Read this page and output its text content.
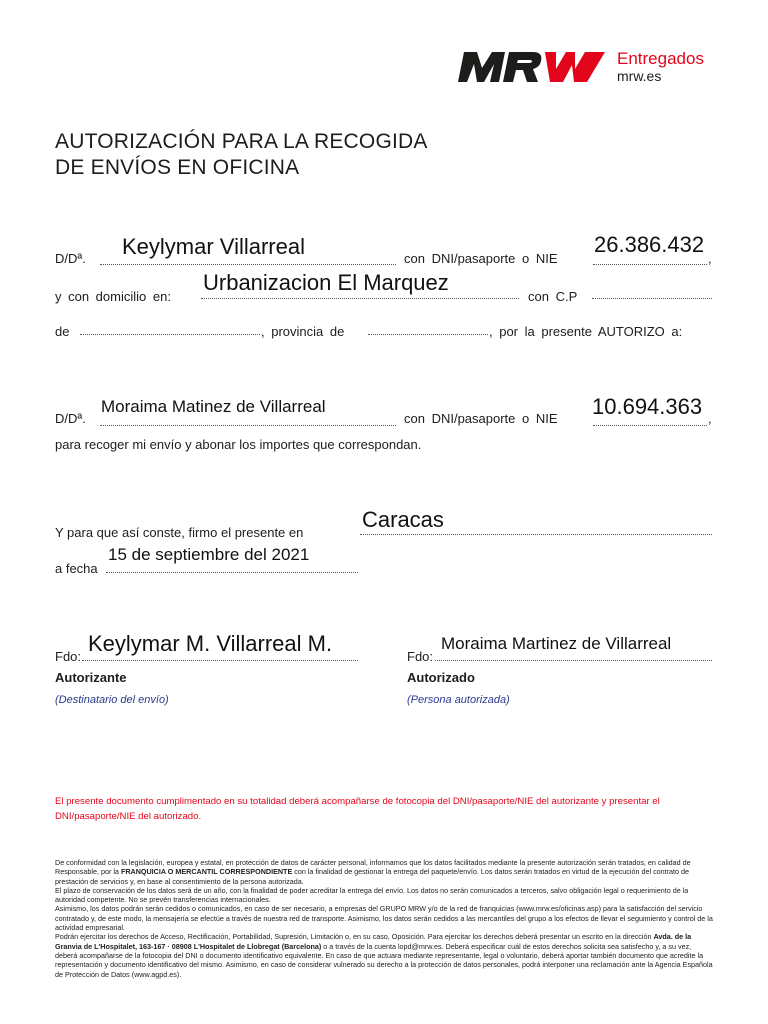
Entregados
mrw.es
AUTORIZACIÓN PARA LA RECOGIDA
DE ENVÍOS EN OFICINA
D/Dª. Keylymar Villarreal	con DNI/pasaporte o NIE
26.386.432
,
y con domicilio en:
Urbanizacion El Marquez
con C.P
de	, provincia de	, por la presente AUTORIZO a:
D/Dª.
Moraima Matinez de Villarreal
con DNI/pasaporte o NIE 10.694.363 ,
para recoger mi envío y abonar los importes que correspondan.
Y para que así conste, firmo el presente en
Caracas
a fecha
15 de septiembre del 2021
Fdo:
Keylymar M. Villarreal M.
Autorizante
(Destinatario del envío)
Fdo:
Moraima Martinez de Villarreal
Autorizado
(Persona autorizada)
El presente documento cumplimentado en su totalidad deberá acompañarse de fotocopia del DNI/pasaporte/NIE del autorizante y presentar el DNI/pasaporte/NIE del autorizado.

De conformidad con la legislación, europea y estatal, en protección de datos de carácter personal, informamos que los datos facilitados mediante la presente autorización serán tratados, en calidad de Responsable, por la FRANQUICIA O MERCANTIL CORRESPONDIENTE con la finalidad de gestionar la entrega del paquete/envío. Los datos serán tratados en virtud de la ejecución del contrato de prestación de servicios y, en base al consentimiento de la persona autorizada.

El plazo de conservación de los datos será de un año, con la finalidad de poder acreditar la entrega del envío. Los datos no serán comunicados a terceros, salvo obligación legal o requerimiento de la autoridad competente. No se prevén transferencias internacionales.

Asimismo, los datos podrán serán cedidos o comunicados, en caso de ser necesario, a empresas del GRUPO MRW y/o de la red de franquicias (www.mrw.es/oficinas.asp) para la satisfacción del servicio contratado y, de este modo, la mensajería se efectúe a través de nuestra red de transporte. Asimismo, los datos serán cedidos a las mercantiles del grupo a los efectos de llevar el seguimiento y control de la actividad empresarial.

Podrán ejercitar los derechos de Acceso, Rectificación, Portabilidad, Supresión, Limitación o, en su caso, Oposición. Para ejercitar los derechos deberá presentar un escrito en la dirección Avda. de la Granvia de L'Hospitalet, 163-167 · 08908 L'Hospitalet de Llobregat (Barcelona) o a través de la cuenta lopd@mrw.es. Deberá especificar cuál de estos derechos solicita sea satisfecho y, a su vez, deberá acompañarse de la fotocopia del DNI o documento identificativo equivalente. En caso de que actuara mediante representante, legal o voluntario, deberá aportar también documento que acredite la representación y documento identificativo del mismo. Asimismo, en caso de considerar vulnerado su derecho a la protección de datos personales, podrá interponer una reclamación ante la Agencia Española de Protección de Datos (www.agpd.es).
